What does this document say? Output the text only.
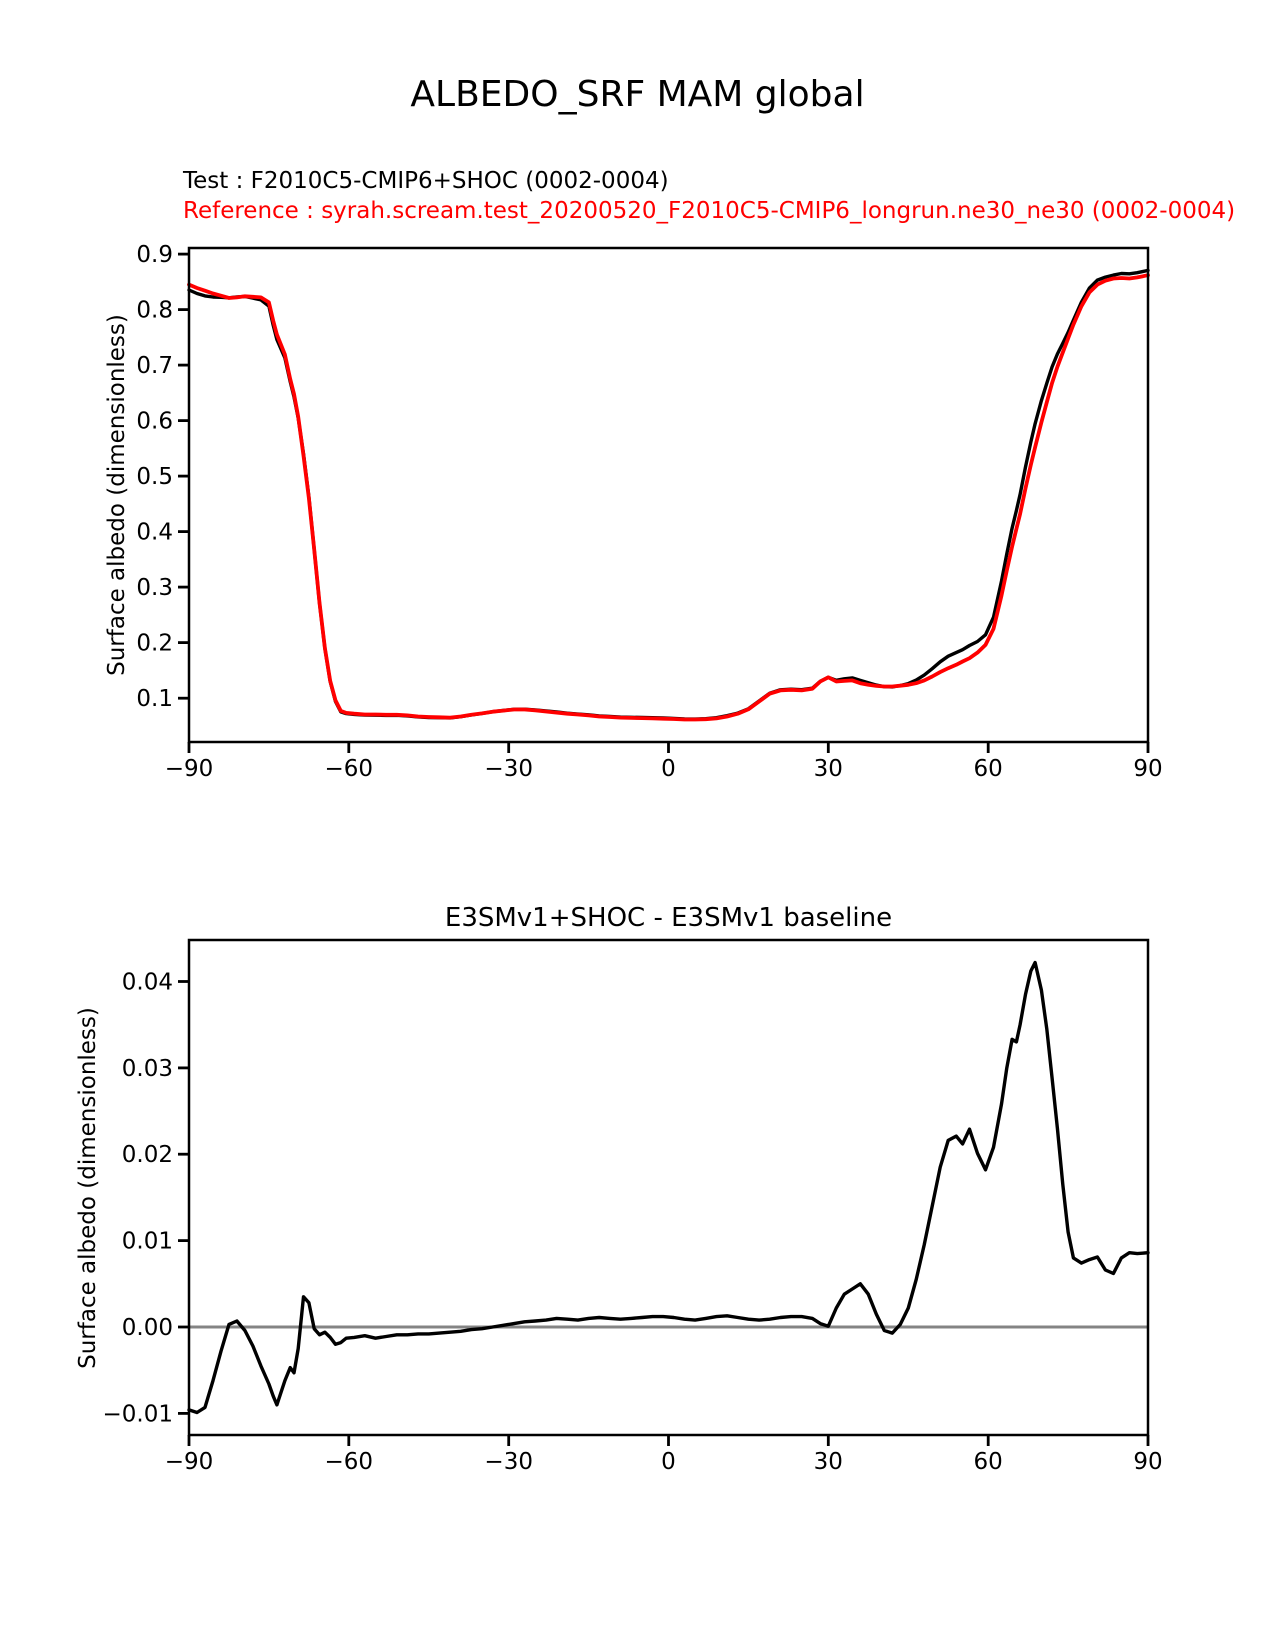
ALBEDO_SRF MAM global
Test : F2010C5-CMIP6+SHOC (0002-0004)
Reference : syrah.scream.test_20200520_F2010C5-CMIP6_longrun.ne30_ne30 (0002-0004)
Surface albedo (dimensionless)
E3SMv1+SHOC - E3SMv1 baseline
Surface albedo (dimensionless)
−90	−60	−30	0	30	60	90
0.1
0.2
0.3
0.4
0.5
0.6
0.7
0.8
0.9
−90	−60	−30	0	30	60	90
−0.01
0.00
0.01
0.02
0.03
0.04
